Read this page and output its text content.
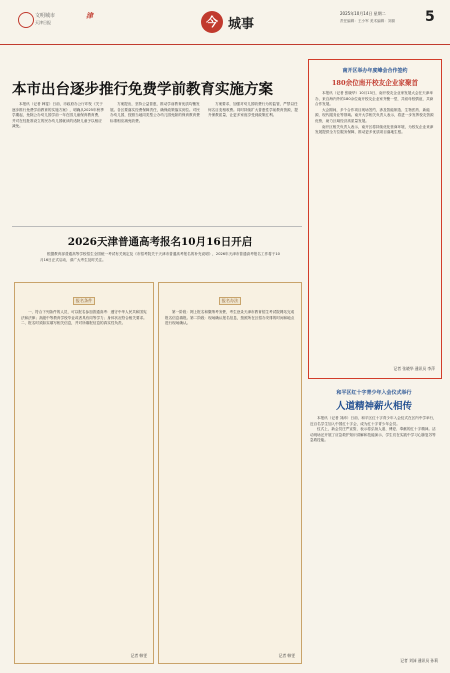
文明城市
天津日报
津	今 城事
2025年10月14日 星期二
责任编辑：王小军 美术编辑：刘源 5
本市出台逐步推行免费学前教育实施方案

本报讯（记者 韩雯）日前，市政府办公厅印发《关于逐步推行免费学前教育的实施方案》，明确从2025年秋季学期起，免除公办幼儿园学前一年在园儿童保育教育费，并对在经批准设立的民办幼儿园就读的适龄儿童予以相应减免。

方案提出，坚持公益普惠，推动学前教育优质均衡发展。各区要落实经费保障责任，确保政策落实到位。对民办幼儿园，按照当地同类型公办幼儿园免除的保育教育费标准相应减免收费。

方案要求，加强对幼儿园收费行为的监管，严禁以任何名目变相收费。同时持续扩大普惠性学前教育资源，提升保教质量，让更多家庭享受到政策红利。

2026天津普通高考报名10月16日开启

根据教育部普通高等学校招生全国统一考试有关规定及《市招考院关于天津市普通高考报名的补充说明》，2026年天津市普通高考报名工作将于10月16日正式启动，请广大考生及时关注。

报名条件

一、符合下列条件的人员，可以报名参加普通高考：遵守中华人民共和国宪法和法律；高级中等教育学校毕业或者具有同等学力；身体状况符合相关要求。二、报名时须如实填写相关信息，并对所填报信息的真实性负责。

记者 韩雯
报名办法

第一阶段：网上报名和缴纳考务费，考生登录天津市教育招生考试院网站完成报名信息填报。第二阶段：现场确认报名信息，按照所在区招办安排的时间和地点进行现场确认。

记者 韩雯
南开区举办年度峰会合作签约
180余位南开校友企业家聚首

本报讯（记者 张晓华）10月13日，南开校友企业家发展大会在天津举办，来自海内外的180余位南开校友企业家齐聚一堂，共叙母校情谊，共商合作发展。

大会期间，多个合作项目现场签约，涉及智能制造、生物医药、新能源、现代服务业等领域。南开大学相关负责人表示，将进一步发挥校友资源优势，助力区域经济高质量发展。

南开区相关负责人表示，南开区将持续优化营商环境，为校友企业来津发展提供全方位服务保障，推动更多优质项目落地生根。

记者 张晓华 通讯员 李萍
和平区红十字青少年入会仪式举行
人道精神薪火相传

本报讯（记者 刘沛）日前，和平区红十字青少年入会仪式在区内中学举行，近百名学生加入中国红十字会，成为红十字青少年会员。

仪式上，新会员庄严宣誓，表示将弘扬人道、博爱、奉献的红十字精神。活动现场还开展了应急救护知识讲解和技能演示，学生们在实践中学习心肺复苏等急救技能。

记者 刘沛 通讯员 孙莉
